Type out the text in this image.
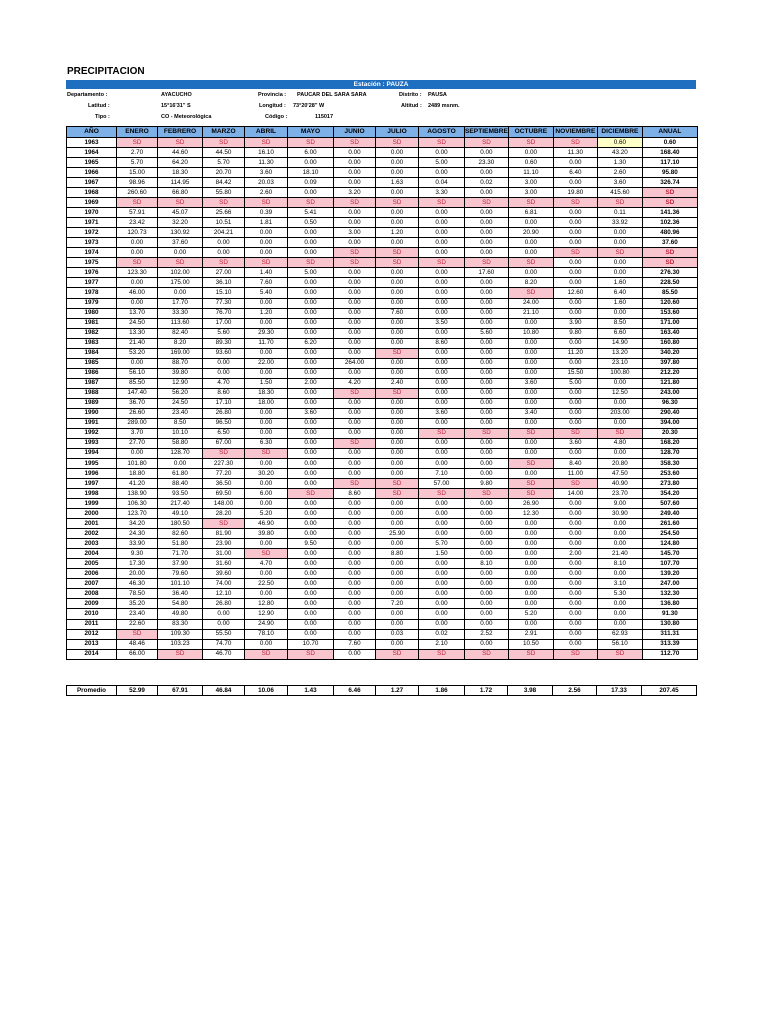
PRECIPITACION
Estación : PAUZA
Departamento :	AYACUCHO	Provincia : PAUCAR DEL SARA SARA	Distrito : PAUSA
Latitud :	15°16'31" S	Longitud : 73°20'28" W	Altitud : 2489 msnm.
Tipo :	CO - Meteorológica	Código :	115017
AÑO	ENERO	FEBRERO	MARZO	ABRIL	MAYO	JUNIO	JULIO	AGOSTO	SEPTIEMBRE	OCTUBRE	NOVIEMBRE	DICIEMBRE	ANUAL
1963	SD	SD	SD	SD	SD	SD	SD	SD	SD	SD	SD	0.60	0.60
1964	2.70	44.60	44.50	16.10	6.00	0.00	0.00	0.00	0.00	0.00	11.30	43.20	168.40
1965	5.70	64.20	5.70	11.30	0.00	0.00	0.00	5.00	23.30	0.60	0.00	1.30	117.10
1966	15.00	18.30	20.70	3.60	18.10	0.00	0.00	0.00	0.00	11.10	6.40	2.60	95.80
1967	98.96	114.95	84.42	20.03	0.09	0.00	1.63	0.04	0.02	3.00	0.00	3.60	326.74
1968	260.60	66.80	55.80	2.60	0.00	3.20	0.00	3.30	0.00	3.00	19.80	415.60	SD
1969	SD	SD	SD	SD	SD	SD	SD	SD	SD	SD	SD	SD	SD
1970	57.91	45.07	25.66	0.39	5.41	0.00	0.00	0.00	0.00	6.81	0.00	0.11	141.36
1971	23.42	32.20	10.51	1.81	0.50	0.00	0.00	0.00	0.00	0.00	0.00	33.92	102.36
1972	120.73	130.92	204.21	0.00	0.00	3.00	1.20	0.00	0.00	20.90	0.00	0.00	480.96
1973	0.00	37.60	0.00	0.00	0.00	0.00	0.00	0.00	0.00	0.00	0.00	0.00	37.60
1974	0.00	0.00	0.00	0.00	0.00	SD	SD	0.00	0.00	0.00	SD	SD	SD
1975	SD	SD	SD	SD	SD	SD	SD	SD	SD	SD	0.00	0.00	SD
1976	123.30	102.00	27.00	1.40	5.00	0.00	0.00	0.00	17.60	0.00	0.00	0.00	276.30
1977	0.00	175.00	36.10	7.60	0.00	0.00	0.00	0.00	0.00	8.20	0.00	1.60	228.50
1978	46.00	0.00	15.10	5.40	0.00	0.00	0.00	0.00	0.00	SD	12.60	6.40	85.50
1979	0.00	17.70	77.30	0.00	0.00	0.00	0.00	0.00	0.00	24.00	0.00	1.60	120.60
1980	13.70	33.30	76.70	1.20	0.00	0.00	7.60	0.00	0.00	21.10	0.00	0.00	153.60
1981	24.50	113.60	17.00	0.00	0.00	0.00	0.00	3.50	0.00	0.00	3.90	8.50	171.00
1982	13.30	82.40	5.60	29.30	0.00	0.00	0.00	0.00	5.60	10.80	9.80	6.60	163.40
1983	21.40	8.20	89.30	11.70	6.20	0.00	0.00	8.60	0.00	0.00	0.00	14.90	160.80
1984	53.20	169.00	93.60	0.00	0.00	0.00	SD	0.00	0.00	0.00	11.20	13.20	340.20
1985	0.00	88.70	0.00	22.00	0.00	264.00	0.00	0.00	0.00	0.00	0.00	23.10	397.80
1986	56.10	39.80	0.00	0.00	0.00	0.00	0.00	0.00	0.00	0.00	15.50	100.80	212.20
1987	85.50	12.90	4.70	1.50	2.00	4.20	2.40	0.00	0.00	3.60	5.00	0.00	121.80
1988	147.40	56.20	8.60	18.30	0.00	SD	SD	0.00	0.00	0.00	0.00	12.50	243.00
1989	36.70	24.50	17.10	18.00	0.00	0.00	0.00	0.00	0.00	0.00	0.00	0.00	96.30
1990	26.60	23.40	26.80	0.00	3.60	0.00	0.00	3.60	0.00	3.40	0.00	203.00	290.40
1991	289.00	8.50	96.50	0.00	0.00	0.00	0.00	0.00	0.00	0.00	0.00	0.00	394.00
1992	3.70	10.10	6.50	0.00	0.00	0.00	0.00	SD	SD	SD	SD	SD	20.30
1993	27.70	58.80	67.00	6.30	0.00	SD	0.00	0.00	0.00	0.00	3.60	4.80	168.20
1994	0.00	128.70	SD	SD	0.00	0.00	0.00	0.00	0.00	0.00	0.00	0.00	128.70
1995	101.80	0.00	227.30	0.00	0.00	0.00	0.00	0.00	0.00	SD	8.40	20.80	358.30
1996	18.80	61.80	77.20	30.20	0.00	0.00	0.00	7.10	0.00	0.00	11.00	47.50	253.60
1997	41.20	88.40	36.50	0.00	0.00	SD	SD	57.00	9.80	SD	SD	40.90	273.80
1998	138.90	93.50	69.50	6.00	SD	8.60	SD	SD	SD	SD	14.00	23.70	354.20
1999	106.30	217.40	148.00	0.00	0.00	0.00	0.00	0.00	0.00	26.90	0.00	9.00	507.60
2000	123.70	49.10	28.20	5.20	0.00	0.00	0.00	0.00	0.00	12.30	0.00	30.90	249.40
2001	34.20	180.50	SD	46.90	0.00	0.00	0.00	0.00	0.00	0.00	0.00	0.00	261.60
2002	24.30	82.60	81.90	39.80	0.00	0.00	25.90	0.00	0.00	0.00	0.00	0.00	254.50
2003	33.90	51.80	23.90	0.00	9.50	0.00	0.00	5.70	0.00	0.00	0.00	0.00	124.80
2004	9.30	71.70	31.00	SD	0.00	0.00	8.80	1.50	0.00	0.00	2.00	21.40	145.70
2005	17.30	37.90	31.60	4.70	0.00	0.00	0.00	0.00	8.10	0.00	0.00	8.10	107.70
2006	20.00	79.60	39.60	0.00	0.00	0.00	0.00	0.00	0.00	0.00	0.00	0.00	139.20
2007	46.30	101.10	74.00	22.50	0.00	0.00	0.00	0.00	0.00	0.00	0.00	3.10	247.00
2008	78.50	36.40	12.10	0.00	0.00	0.00	0.00	0.00	0.00	0.00	0.00	5.30	132.30
2009	35.20	54.80	26.80	12.80	0.00	0.00	7.20	0.00	0.00	0.00	0.00	0.00	136.80
2010	23.40	49.80	0.00	12.90	0.00	0.00	0.00	0.00	0.00	5.20	0.00	0.00	91.30
2011	22.60	83.30	0.00	24.90	0.00	0.00	0.00	0.00	0.00	0.00	0.00	0.00	130.80
2012	SD	109.30	55.50	78.10	0.00	0.00	0.03	0.02	2.52	2.91	0.00	62.93	311.31
2013	48.46	103.23	74.70	0.00	10.70	7.60	0.00	2.10	0.00	10.50	0.00	56.10	313.39
2014	66.00	SD	46.70	SD	SD	0.00	SD	SD	SD	SD	SD	SD	112.70
Promedio	52.99	67.91	46.84	10.06	1.43	6.46	1.27	1.86	1.72	3.98	2.56	17.33	207.45
